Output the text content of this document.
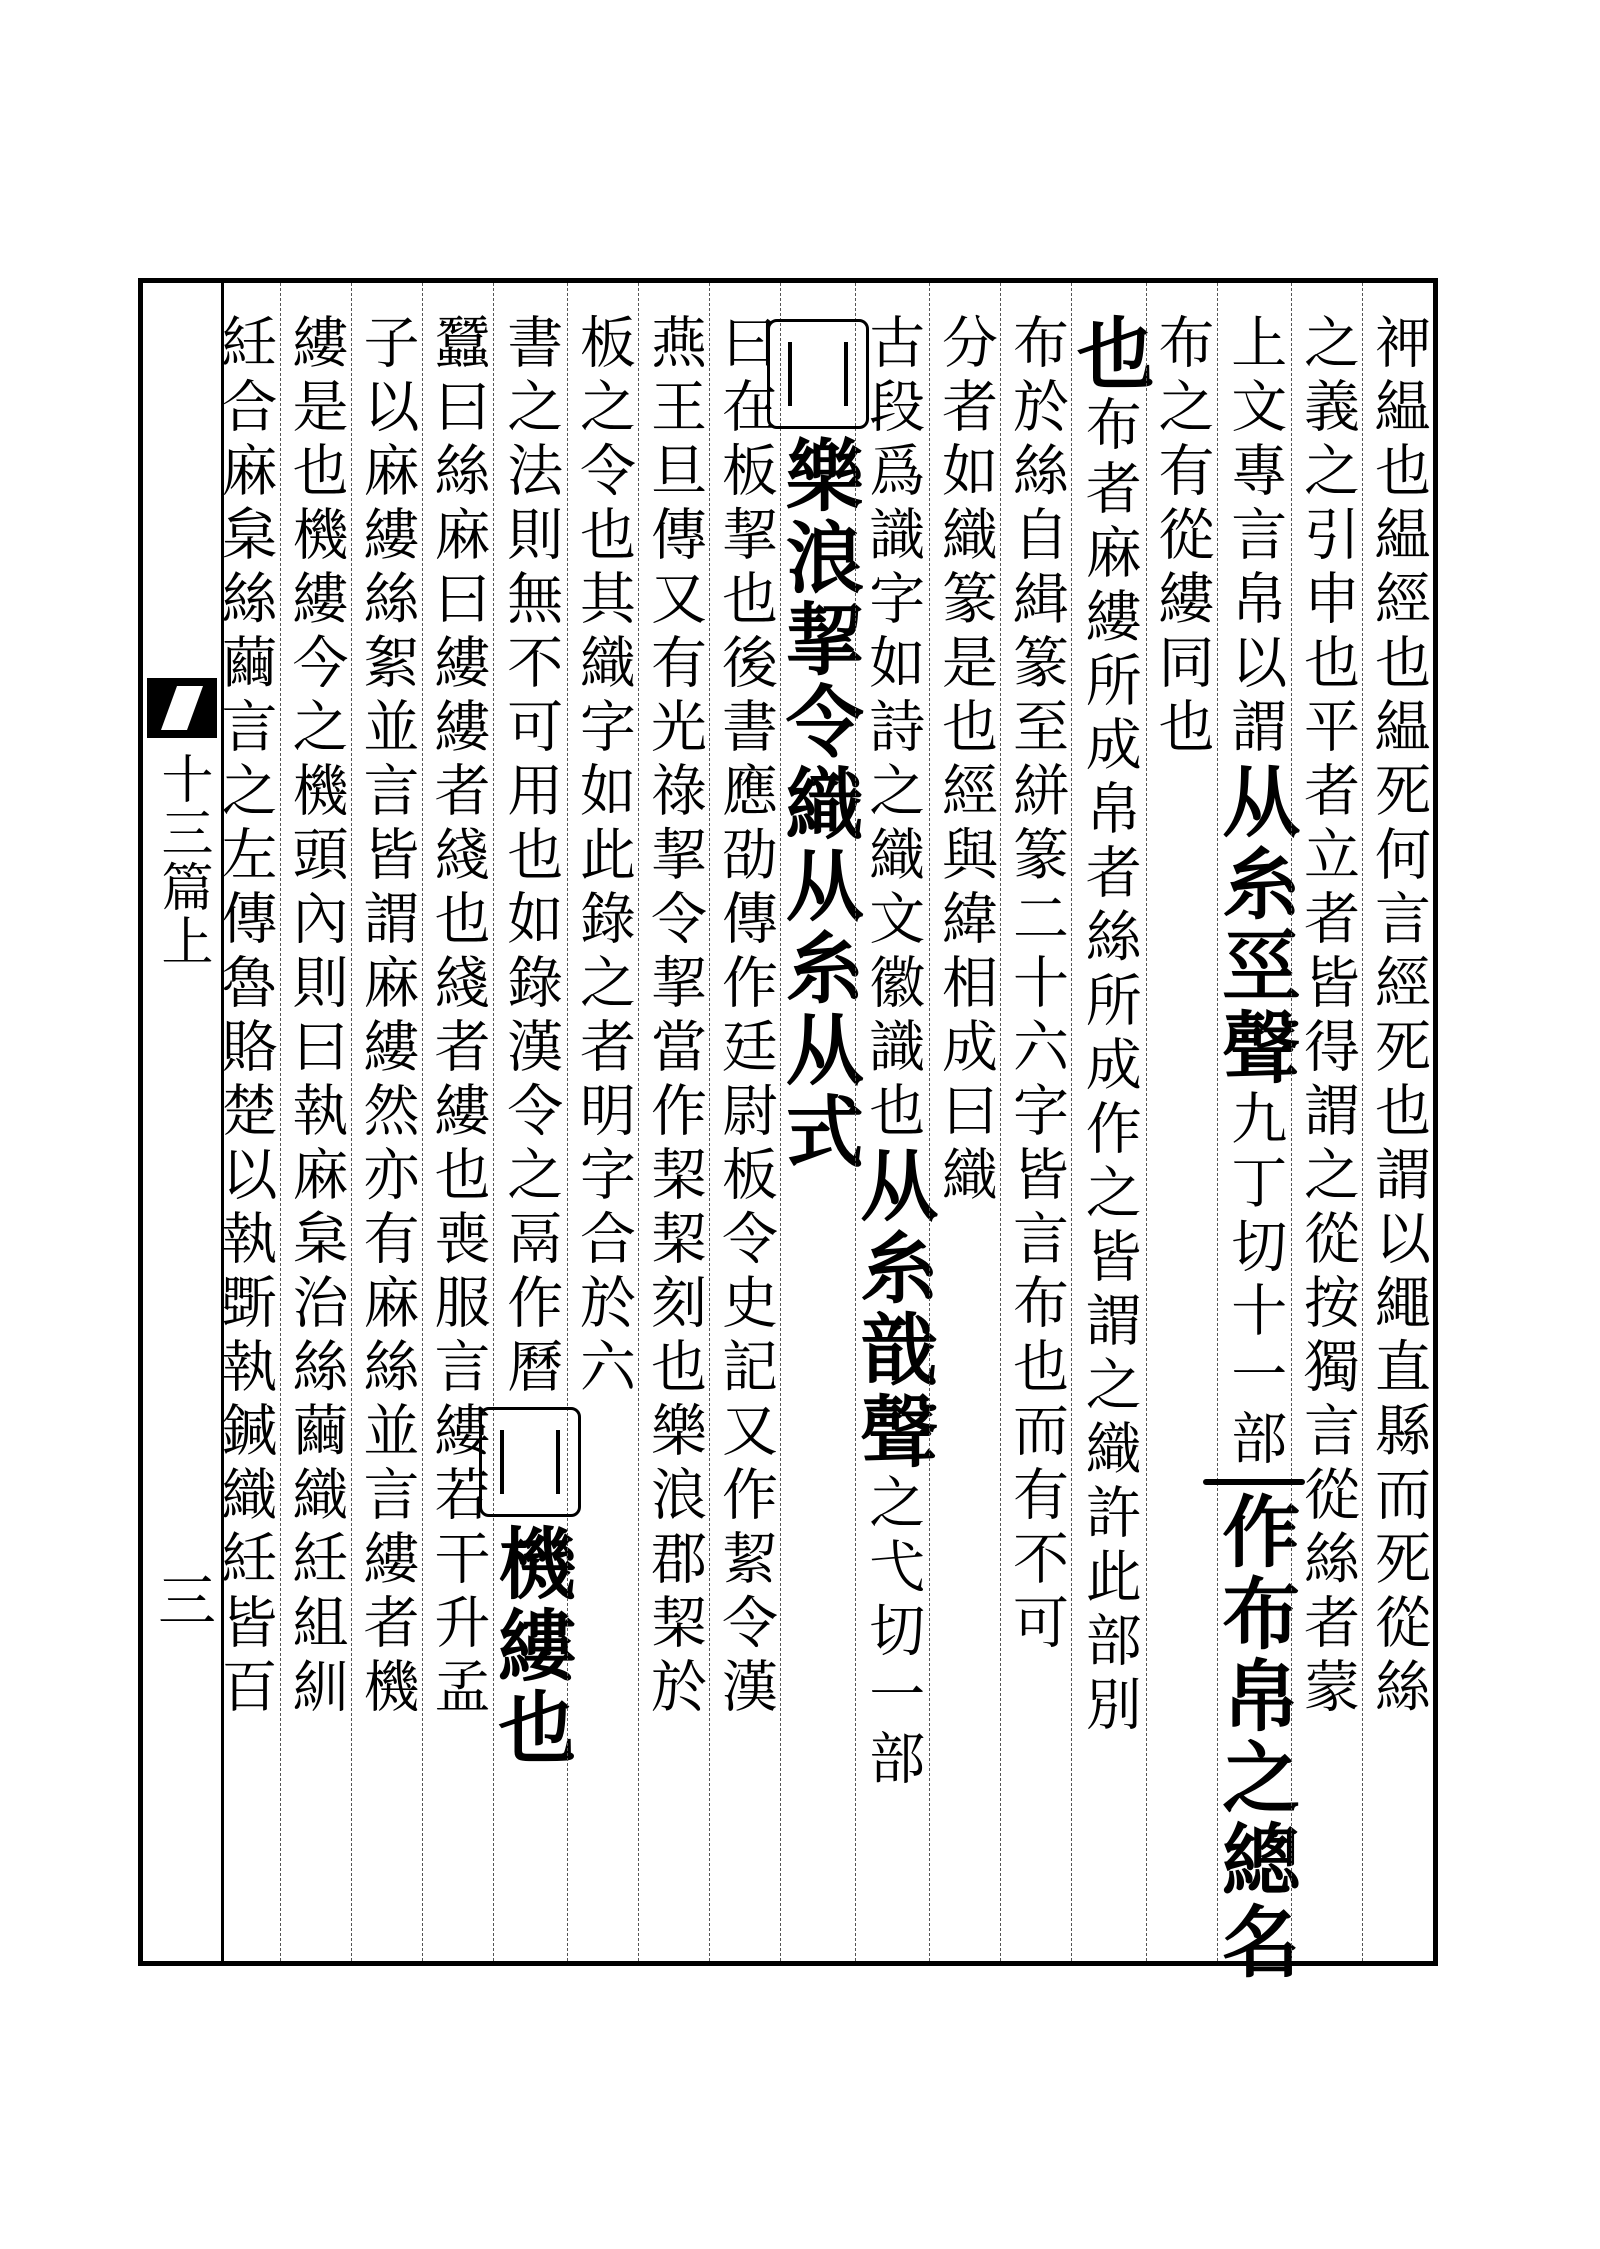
十三篇上
三	䘥緼也緼經也緼死何言經死也謂以繩直縣而死從絲
之義之引申也平者立者皆得謂之從按獨言從絲者蒙
上文專言帛以謂
从糸巠聲
九丁切
十一部
作布帛之總名
布之有從縷同也
也
布者麻縷所成帛者絲所成作之皆謂之織許此部別
布於絲自緝篆至絣篆二十六字皆言布也而有不可
分者如織篆是也經與緯相成曰織
古段爲識字如詩之織文徽識也
从糸戠聲
之弋切一部
樂浪挈令織从糸从式
曰在板挈也後書應劭傳作廷尉板令史記又作絜令漢
燕王旦傳又有光祿挈令挈當作栔栔刻也樂浪郡栔於
板之令也其織字如此錄之者明字合於六
書之法則無不可用也如錄漢令之鬲作曆
機縷也
蠶曰絲麻曰縷縷者綫也綫者縷也喪服言縷若干升孟
子以麻縷絲絮並言皆謂麻縷然亦有麻絲並言縷者機
縷是也機縷今之機頭內則曰執麻枲治絲繭織紝組紃
紝合麻枲絲繭言之左傳魯賂楚以執斲執鍼織紝皆百
